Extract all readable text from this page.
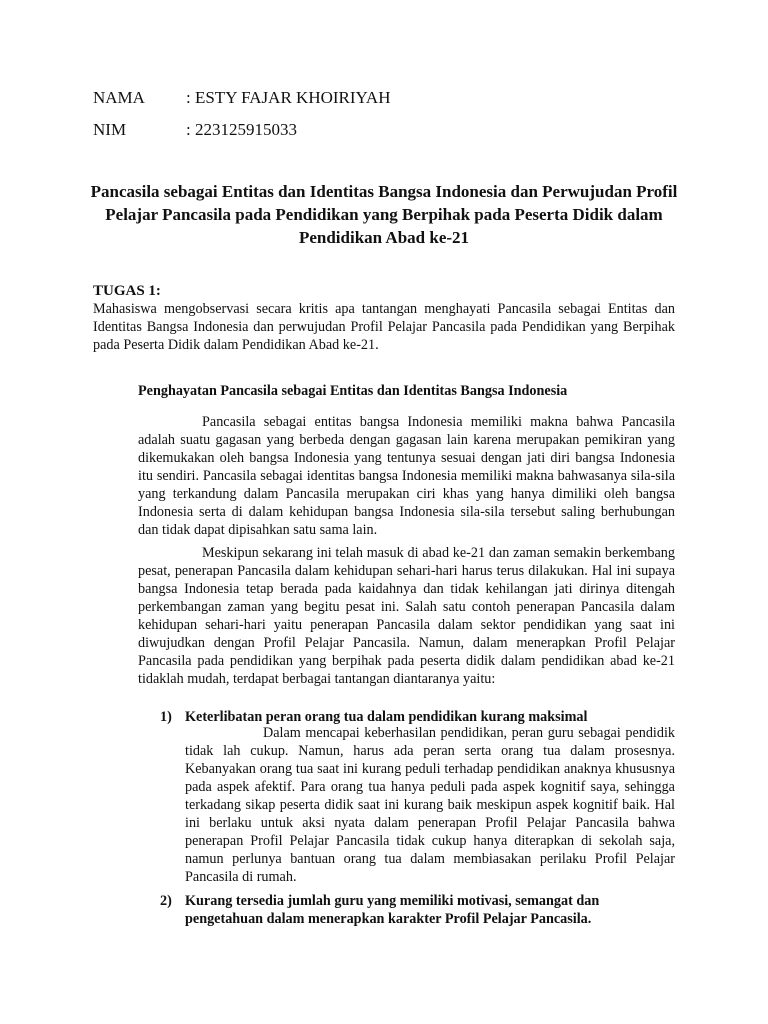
NAMA : ESTY FAJAR KHOIRIYAH
NIM	: 223125915033
Pancasila sebagai Entitas dan Identitas Bangsa Indonesia dan Perwujudan Profil Pelajar Pancasila pada Pendidikan yang Berpihak pada Peserta Didik dalam Pendidikan Abad ke-21
TUGAS 1:
Mahasiswa mengobservasi secara kritis apa tantangan menghayati Pancasila sebagai Entitas dan Identitas Bangsa Indonesia dan perwujudan Profil Pelajar Pancasila pada Pendidikan yang Berpihak pada Peserta Didik dalam Pendidikan Abad ke-21.
Penghayatan Pancasila sebagai Entitas dan Identitas Bangsa Indonesia

Pancasila sebagai entitas bangsa Indonesia memiliki makna bahwa Pancasila adalah suatu gagasan yang berbeda dengan gagasan lain karena merupakan pemikiran yang dikemukakan oleh bangsa Indonesia yang tentunya sesuai dengan jati diri bangsa Indonesia itu sendiri. Pancasila sebagai identitas bangsa Indonesia memiliki makna bahwasanya sila-sila yang terkandung dalam Pancasila merupakan ciri khas yang hanya dimiliki oleh bangsa Indonesia serta di dalam kehidupan bangsa Indonesia sila-sila tersebut saling berhubungan dan tidak dapat dipisahkan satu sama lain.

Meskipun sekarang ini telah masuk di abad ke-21 dan zaman semakin berkembang pesat, penerapan Pancasila dalam kehidupan sehari-hari harus terus dilakukan. Hal ini supaya bangsa Indonesia tetap berada pada kaidahnya dan tidak kehilangan jati dirinya ditengah perkembangan zaman yang begitu pesat ini. Salah satu contoh penerapan Pancasila dalam kehidupan sehari-hari yaitu penerapan Pancasila dalam sektor pendidikan yang saat ini diwujudkan dengan Profil Pelajar Pancasila. Namun, dalam menerapkan Profil Pelajar Pancasila pada pendidikan yang berpihak pada peserta didik dalam pendidikan abad ke-21 tidaklah mudah, terdapat berbagai tantangan diantaranya yaitu:

1) Keterlibatan peran orang tua dalam pendidikan kurang maksimal

Dalam mencapai keberhasilan pendidikan, peran guru sebagai pendidik tidak lah cukup. Namun, harus ada peran serta orang tua dalam prosesnya. Kebanyakan orang tua saat ini kurang peduli terhadap pendidikan anaknya khususnya pada aspek afektif. Para orang tua hanya peduli pada aspek kognitif saya, sehingga terkadang sikap peserta didik saat ini kurang baik meskipun aspek kognitif baik. Hal ini berlaku untuk aksi nyata dalam penerapan Profil Pelajar Pancasila bahwa penerapan Profil Pelajar Pancasila tidak cukup hanya diterapkan di sekolah saja, namun perlunya bantuan orang tua dalam membiasakan perilaku Profil Pelajar Pancasila di rumah.

2) Kurang tersedia jumlah guru yang memiliki motivasi, semangat dan pengetahuan dalam menerapkan karakter Profil Pelajar Pancasila.
